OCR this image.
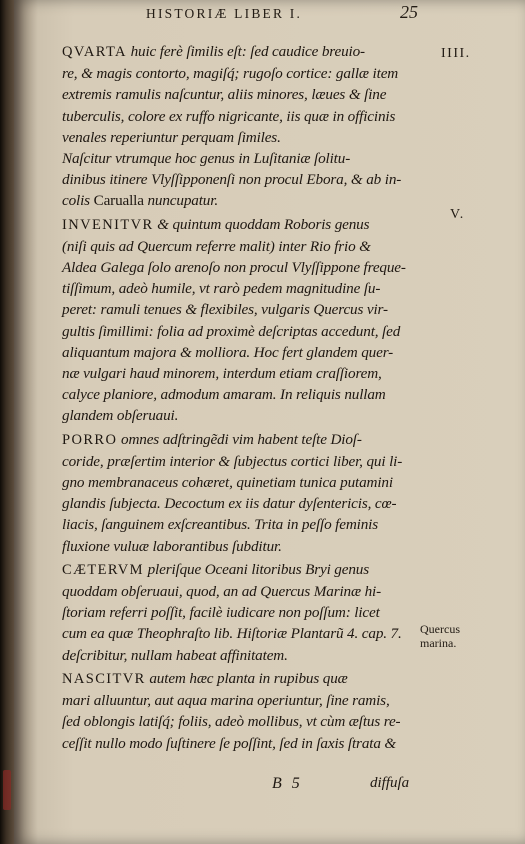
HISTORIÆ LIBER I.	25
IIII.
V.
Quercus
marina.
QVARTA huic ferè ſimilis eſt: ſed caudice breuio-
re, & magis contorto, magiſq́; rugoſo cortice: gallæ item
extremis ramulis naſcuntur, aliis minores, læues & ſine
tuberculis, colore ex ruffo nigricante, iis quæ in officinis
venales reperiuntur perquam ſimiles.
Naſcitur vtrumque hoc genus in Luſitaniæ ſolitu-
dinibus itinere Vlyſſipponenſi non procul Ebora, & ab in-
colis Carualla nuncupatur.
INVENITVR & quintum quoddam Roboris genus
(niſi quis ad Quercum referre malit) inter Rio frio &
Aldea Galega ſolo arenoſo non procul Vlyſſippone freque-
tiſſimum, adeò humile, vt rarò pedem magnitudine ſu-
peret: ramuli tenues & flexibiles, vulgaris Quercus vir-
gultis ſimillimi: folia ad proximè deſcriptas accedunt, ſed
aliquantum majora & molliora. Hoc fert glandem quer-
næ vulgari haud minorem, interdum etiam craſſiorem,
calyce planiore, admodum amaram. In reliquis nullam
glandem obſeruaui.
PORRO omnes adſtringẽdi vim habent teſte Dioſ-
coride, præſertim interior & ſubjectus cortici liber, qui li-
gno membranaceus cohæret, quinetiam tunica putamini
glandis ſubjecta. Decoctum ex iis datur dyſentericis, cœ-
liacis, ſanguinem exſcreantibus. Trita in peſſo feminis
fluxione vuluæ laborantibus ſubditur.
CÆTERVM pleriſque Oceani litoribus Bryi genus
quoddam obſeruaui, quod, an ad Quercus Marinæ hi-
ſtoriam referri poſſit, facilè iudicare non poſſum: licet
cum ea quæ Theophraſto lib. Hiſtoriæ Plantarũ 4. cap. 7.
deſcribitur, nullam habeat affinitatem.
NASCITVR autem hæc planta in rupibus quæ
mari alluuntur, aut aqua marina operiuntur, ſine ramis,
ſed oblongis latiſq́; foliis, adeò mollibus, vt cùm æſtus re-
ceſſit nullo modo ſuſtinere ſe poſſint, ſed in ſaxis ſtrata &
B 5	diffuſa
